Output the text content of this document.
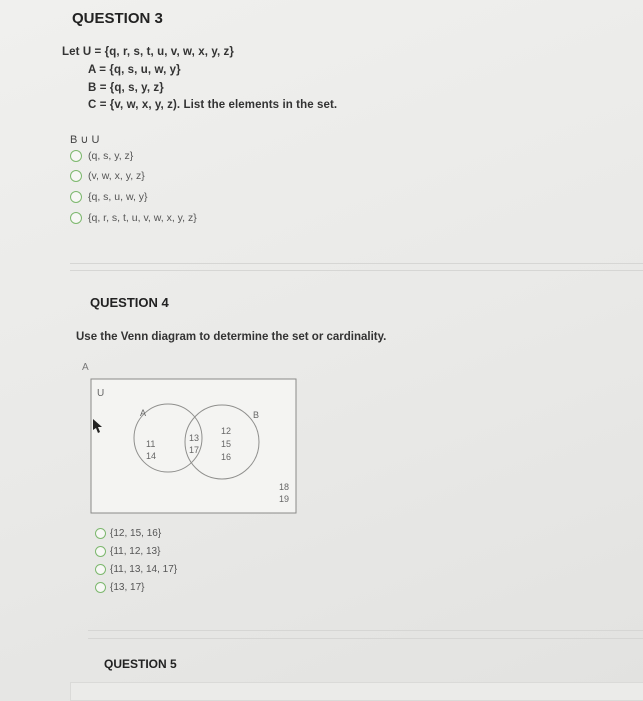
QUESTION 3
Let U = {q, r, s, t, u, v, w, x, y, z}
A = {q, s, u, w, y}
B = {q, s, y, z}
C = {v, w, x, y, z). List the elements in the set.
B ∪ U
(q, s, y, z}
(v, w, x, y, z}
{q, s, u, w, y}
{q, r, s, t, u, v, w, x, y, z}
QUESTION 4
Use the Venn diagram to determine the set or cardinality.
A
U
A	B
11
14
13
17
12
15
16
18
19
{12, 15, 16}
{11, 12, 13}
{11, 13, 14, 17}
{13, 17}
QUESTION 5
